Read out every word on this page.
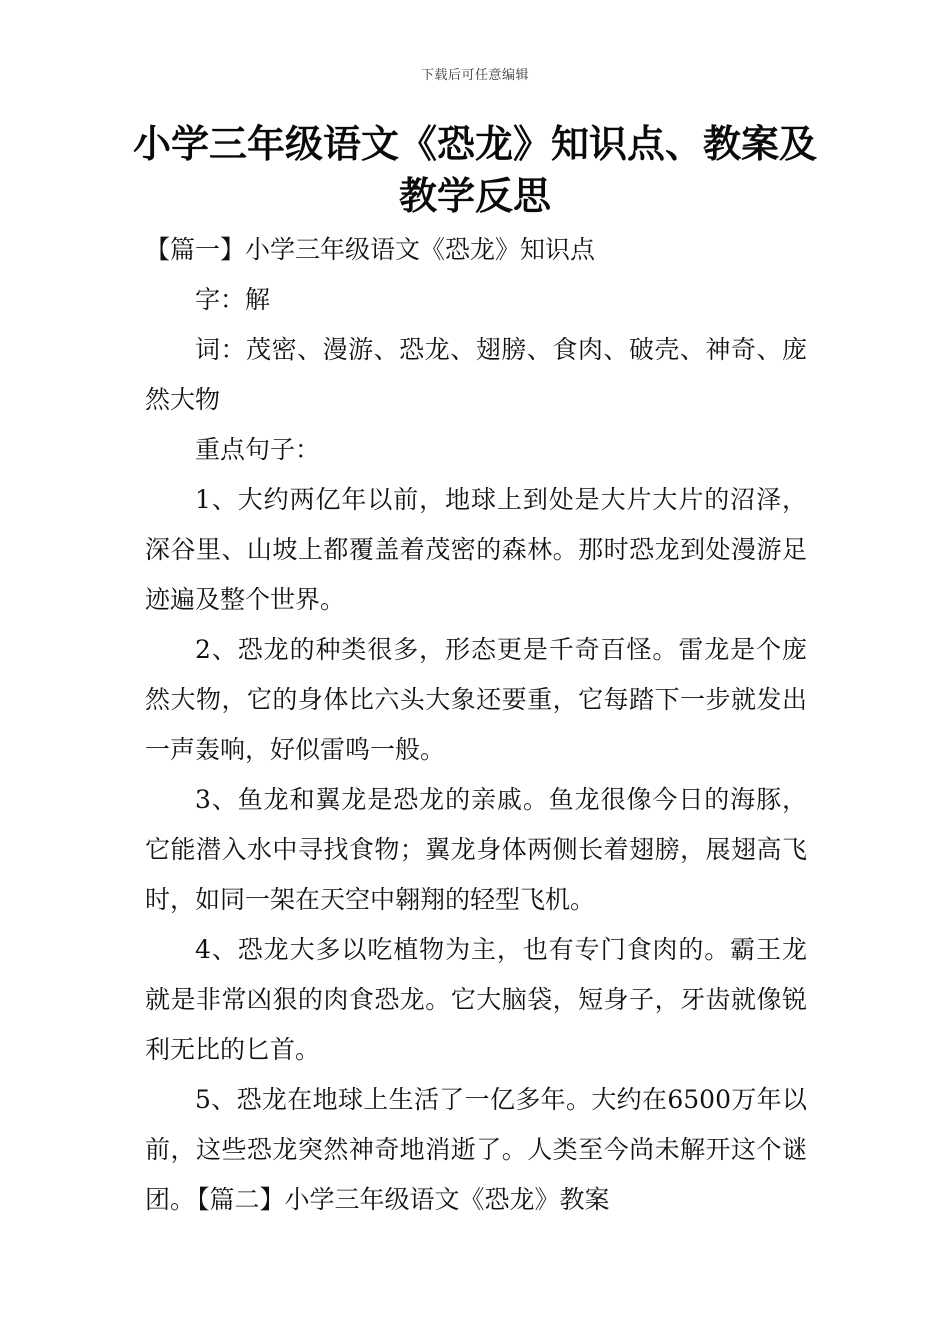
下载后可任意编辑
小学三年级语文《恐龙》知识点、教案及教学反思

【篇一】小学三年级语文《恐龙》知识点

字：解

词：茂密、漫游、恐龙、翅膀、食肉、破壳、神奇、庞然大物

重点句子：

1、大约两亿年以前，地球上到处是大片大片的沼泽，深谷里、山坡上都覆盖着茂密的森林。那时恐龙到处漫游足迹遍及整个世界。

2、恐龙的种类很多，形态更是千奇百怪。雷龙是个庞然大物，它的身体比六头大象还要重，它每踏下一步就发出一声轰响，好似雷鸣一般。

3、鱼龙和翼龙是恐龙的亲戚。鱼龙很像今日的海豚，它能潜入水中寻找食物；翼龙身体两侧长着翅膀，展翅高飞时，如同一架在天空中翱翔的轻型飞机。

4、恐龙大多以吃植物为主，也有专门食肉的。霸王龙就是非常凶狠的肉食恐龙。它大脑袋，短身子，牙齿就像锐利无比的匕首。

5、恐龙在地球上生活了一亿多年。大约在6500万年以前，这些恐龙突然神奇地消逝了。人类至今尚未解开这个谜团。【篇二】小学三年级语文《恐龙》教案
